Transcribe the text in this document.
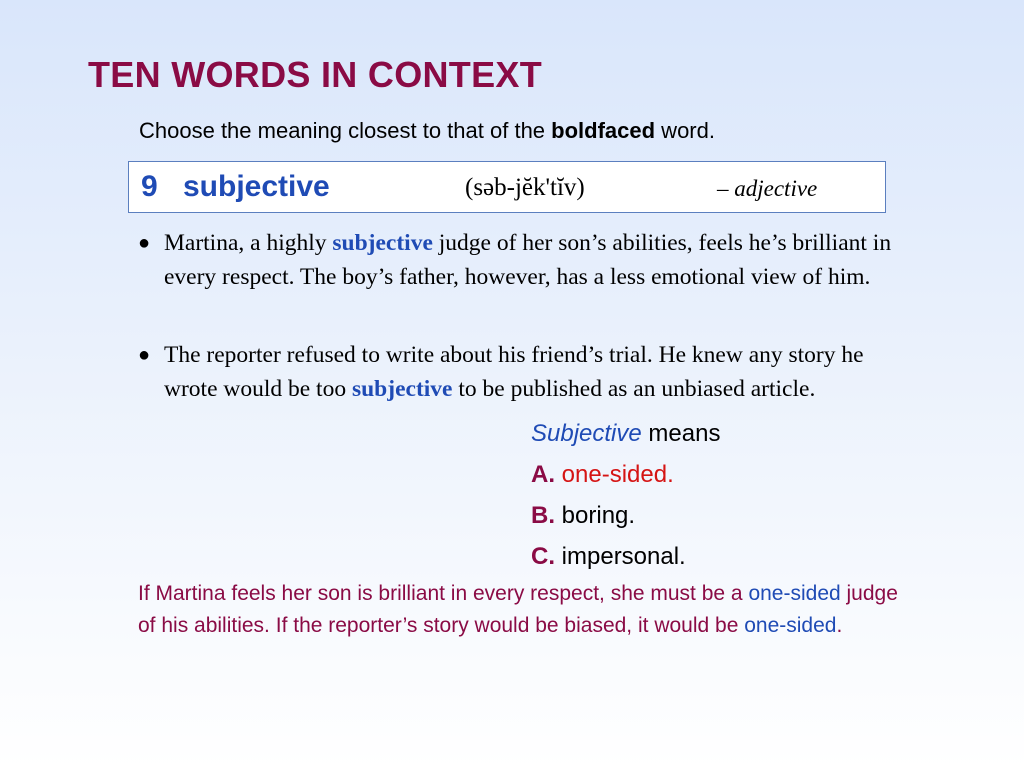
TEN WORDS IN CONTEXT
Choose the meaning closest to that of the boldfaced word.
9 subjective	(səb-jĕk'tĭv)	– adjective
● Martina, a highly subjective judge of her son’s abilities, feels he’s brilliant in every respect. The boy’s father, however, has a less emotional view of him.
● The reporter refused to write about his friend’s trial. He knew any story he wrote would be too subjective to be published as an unbiased article.
Subjective means
A. one-sided.
B. boring.
C. impersonal.
If Martina feels her son is brilliant in every respect, she must be a one-sided judge of his abilities. If the reporter’s story would be biased, it would be one-sided.
